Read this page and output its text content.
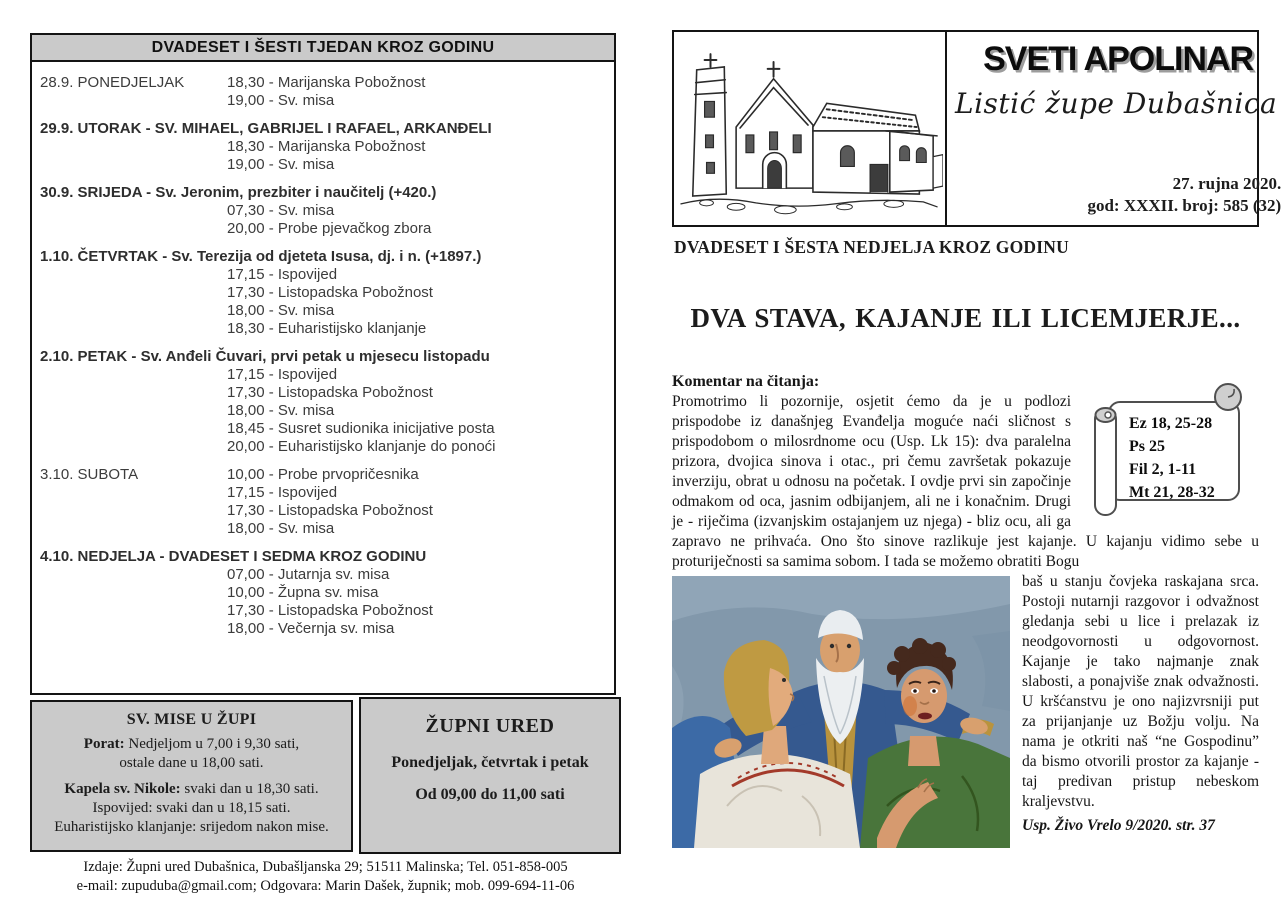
DVADESET I ŠESTI TJEDAN KROZ GODINU
28.9. PONEDJELJAK	18,30 - Marijanska Pobožnost
19,00 - Sv. misa
29.9. UTORAK - SV. MIHAEL, GABRIJEL I RAFAEL, ARKANĐELI
18,30 - Marijanska Pobožnost
19,00 - Sv. misa
30.9. SRIJEDA - Sv. Jeronim, prezbiter i naučitelj (+420.)
07,30 - Sv. misa
20,00 - Probe pjevačkog zbora
1.10. ČETVRTAK - Sv. Terezija od djeteta Isusa, dj. i n. (+1897.)
17,15 - Ispovijed
17,30 - Listopadska Pobožnost
18,00 - Sv. misa
18,30 - Euharistijsko klanjanje
2.10. PETAK - Sv. Anđeli Čuvari, prvi petak u mjesecu listopadu
17,15 - Ispovijed
17,30 - Listopadska Pobožnost
18,00 - Sv. misa
18,45 - Susret sudionika inicijative posta
20,00 - Euharistijsko klanjanje do ponoći
3.10. SUBOTA	10,00 - Probe prvopričesnika
17,15 - Ispovijed
17,30 - Listopadska Pobožnost
18,00 - Sv. misa
4.10. NEDJELJA - DVADESET I SEDMA KROZ GODINU
07,00 - Jutarnja sv. misa
10,00 - Župna sv. misa
17,30 - Listopadska Pobožnost
18,00 - Večernja sv. misa
SV. MISE U ŽUPI

Porat: Nedjeljom u 7,00 i 9,30 sati,
ostale dane u 18,00 sati.

Kapela sv. Nikole: svaki dan u 18,30 sati.
Ispovijed: svaki dan u 18,15 sati.
Euharistijsko klanjanje: srijedom nakon mise.

ŽUPNI URED
Ponedjeljak, četvrtak i petak
Od 09,00 do 11,00 sati
Izdaje: Župni ured Dubašnica, Dubašljanska 29; 51511 Malinska; Tel. 051-858-005
e-mail: zupuduba@gmail.com; Odgovara: Marin Dašek, župnik; mob. 099-694-11-06
SVETI APOLINAR
Listić župe Dubašnica
27. rujna 2020.
god: XXXII. broj: 585 (32)
DVADESET I ŠESTA NEDJELJA KROZ GODINU
DVA STAVA, KAJANJE ILI LICEMJERJE...
Ez 18, 25-28
Ps 25
Fil 2, 1-11
Mt 21, 28-32
Komentar na čitanja:
Promotrimo li pozornije, osjetit ćemo da je u podlozi prispodobe iz današnjeg Evanđelja moguće naći sličnost s prispodobom o milosrdnome ocu (Usp. Lk 15): dva paralelna prizora, dvojica sinova i otac., pri čemu završetak pokazuje inverziju, obrat u odnosu na početak. I ovdje prvi sin započinje odmakom od oca, jasnim odbijanjem, ali ne i konačnim. Drugi je - riječima (izvanjskim ostajanjem uz njega) - bliz ocu, ali ga zapravo ne prihvaća. Ono što sinove razlikuje jest kajanje. U kajanju vidimo sebe u proturiječnosti sa samima sobom. I tada se možemo obratiti Bogu
baš u stanju čovjeka raskajana srca. Postoji nutarnji razgovor i odvažnost gledanja sebi u lice i prelazak iz neodgovornosti u odgovornost. Kajanje je tako najmanje znak slabosti, a ponajviše znak odvažnosti. U kršćanstvu je ono najizvrsniji put za prijanjanje uz Božju volju. Na nama je otkriti naš “ne Gospodinu” da bismo otvorili prostor za kajanje - taj predivan pristup nebeskom kraljevstvu.
Usp. Živo Vrelo 9/2020. str. 37
